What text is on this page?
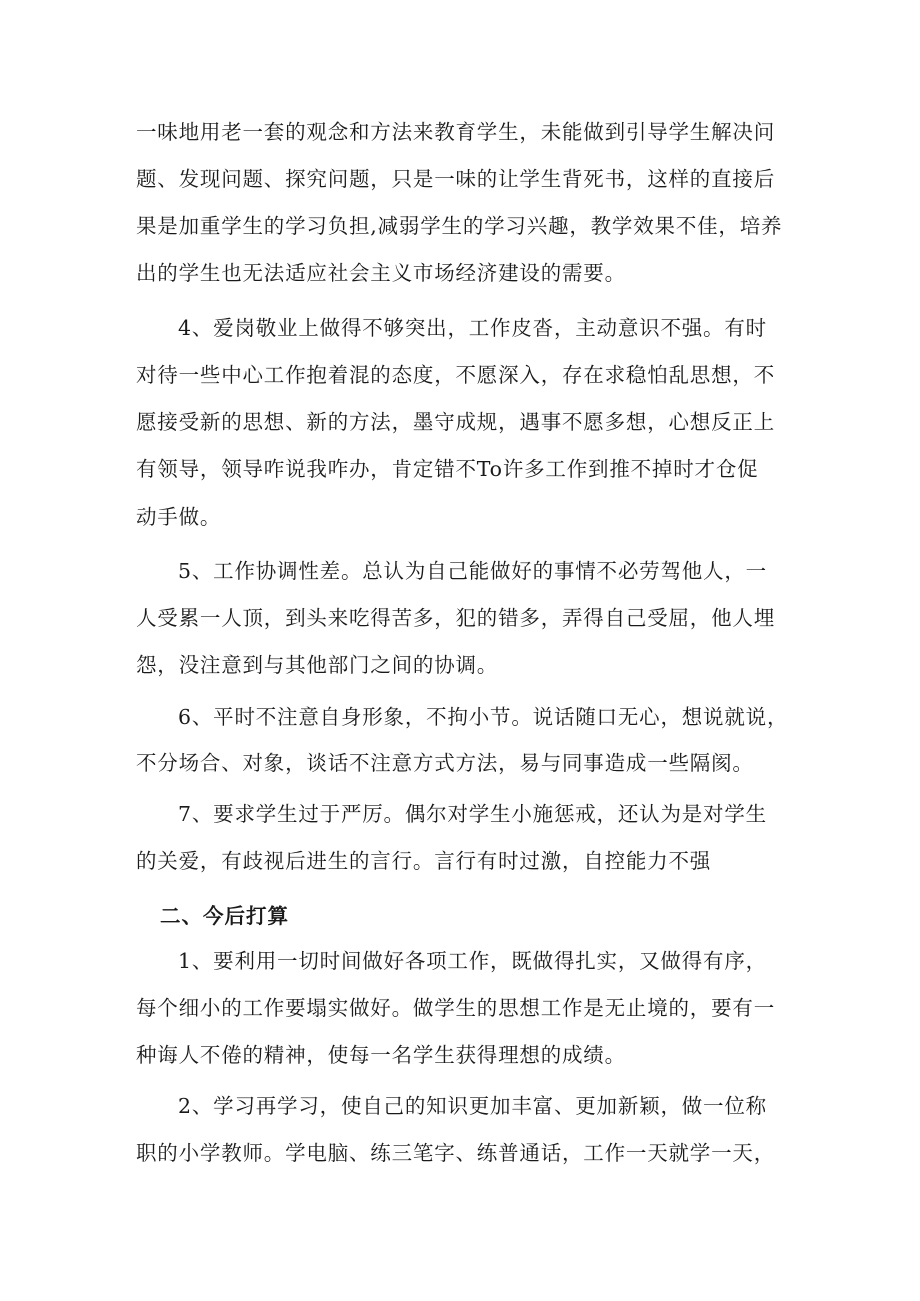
一味地用老一套的观念和方法来教育学生，未能做到引导学生解决问
题、发现问题、探究问题，只是一味的让学生背死书，这样的直接后
果是加重学生的学习负担,减弱学生的学习兴趣，教学效果不佳，培养
出的学生也无法适应社会主义市场经济建设的需要。
4、爱岗敬业上做得不够突出，工作皮沓，主动意识不强。有时
对待一些中心工作抱着混的态度，不愿深入，存在求稳怕乱思想，不
愿接受新的思想、新的方法，墨守成规，遇事不愿多想，心想反正上
有领导，领导咋说我咋办，肯定错不To许多工作到推不掉时才仓促
动手做。
5、工作协调性差。总认为自己能做好的事情不必劳驾他人，一
人受累一人顶，到头来吃得苦多，犯的错多，弄得自己受屈，他人埋
怨，没注意到与其他部门之间的协调。
6、平时不注意自身形象，不拘小节。说话随口无心，想说就说，
不分场合、对象，谈话不注意方式方法，易与同事造成一些隔阂。
7、要求学生过于严厉。偶尔对学生小施惩戒，还认为是对学生
的关爱，有歧视后进生的言行。言行有时过激，自控能力不强
二、今后打算
1、要利用一切时间做好各项工作，既做得扎实，又做得有序，
每个细小的工作要塌实做好。做学生的思想工作是无止境的，要有一
种诲人不倦的精神，使每一名学生获得理想的成绩。
2、学习再学习，使自己的知识更加丰富、更加新颖，做一位称
职的小学教师。学电脑、练三笔字、练普通话，工作一天就学一天，
